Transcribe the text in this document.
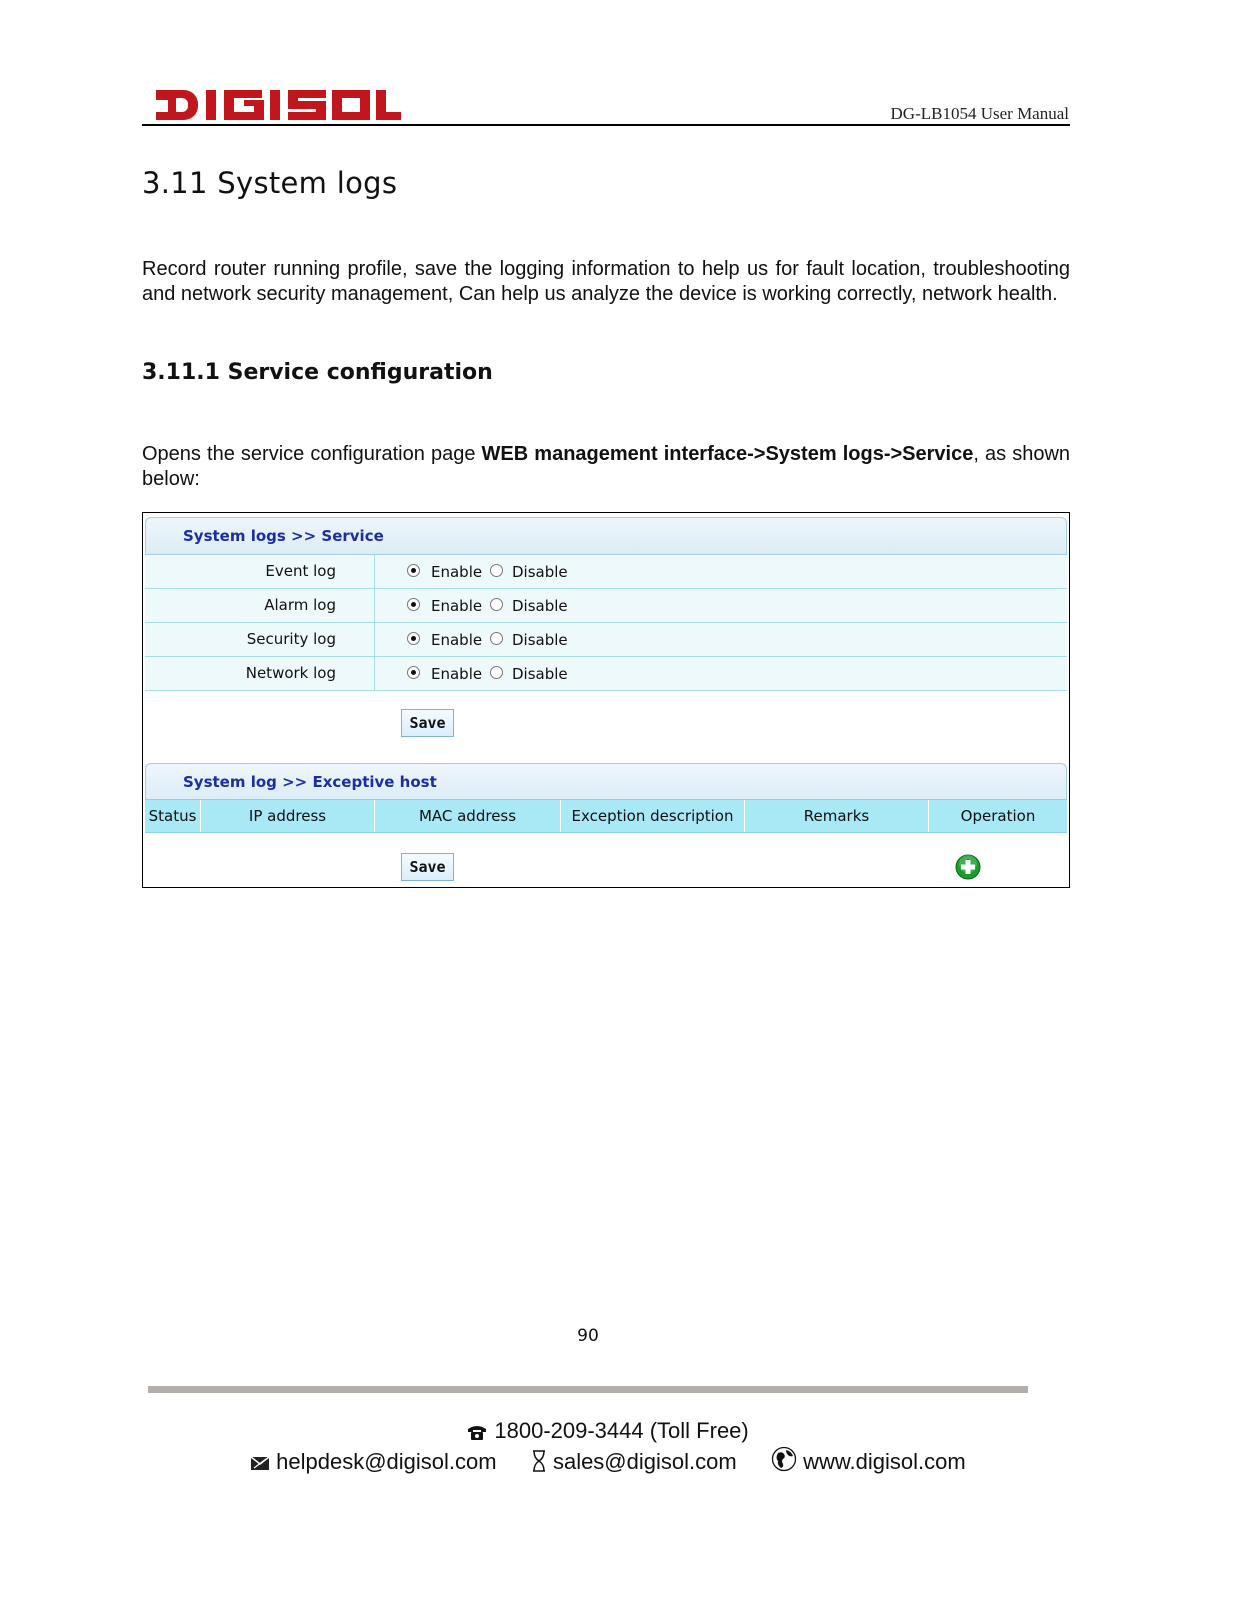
DG-LB1054 User Manual
3.11 System logs
Record router running profile, save the logging information to help us for fault location, troubleshooting and network security management, Can help us analyze the device is working correctly, network health.
3.11.1 Service configuration
Opens the service configuration page WEB management interface->System logs->Service, as shown below:
System logs >> Service
Event log	Enable Disable
Alarm log	Enable Disable
Security log	Enable Disable
Network log	Enable Disable
Save
System log >> Exceptive host
Status	IP address	MAC address	Exception description	Remarks	Operation
Save
90
1800-209-3444 (Toll Free)
helpdesk@digisol.com	sales@digisol.com	www.digisol.com
